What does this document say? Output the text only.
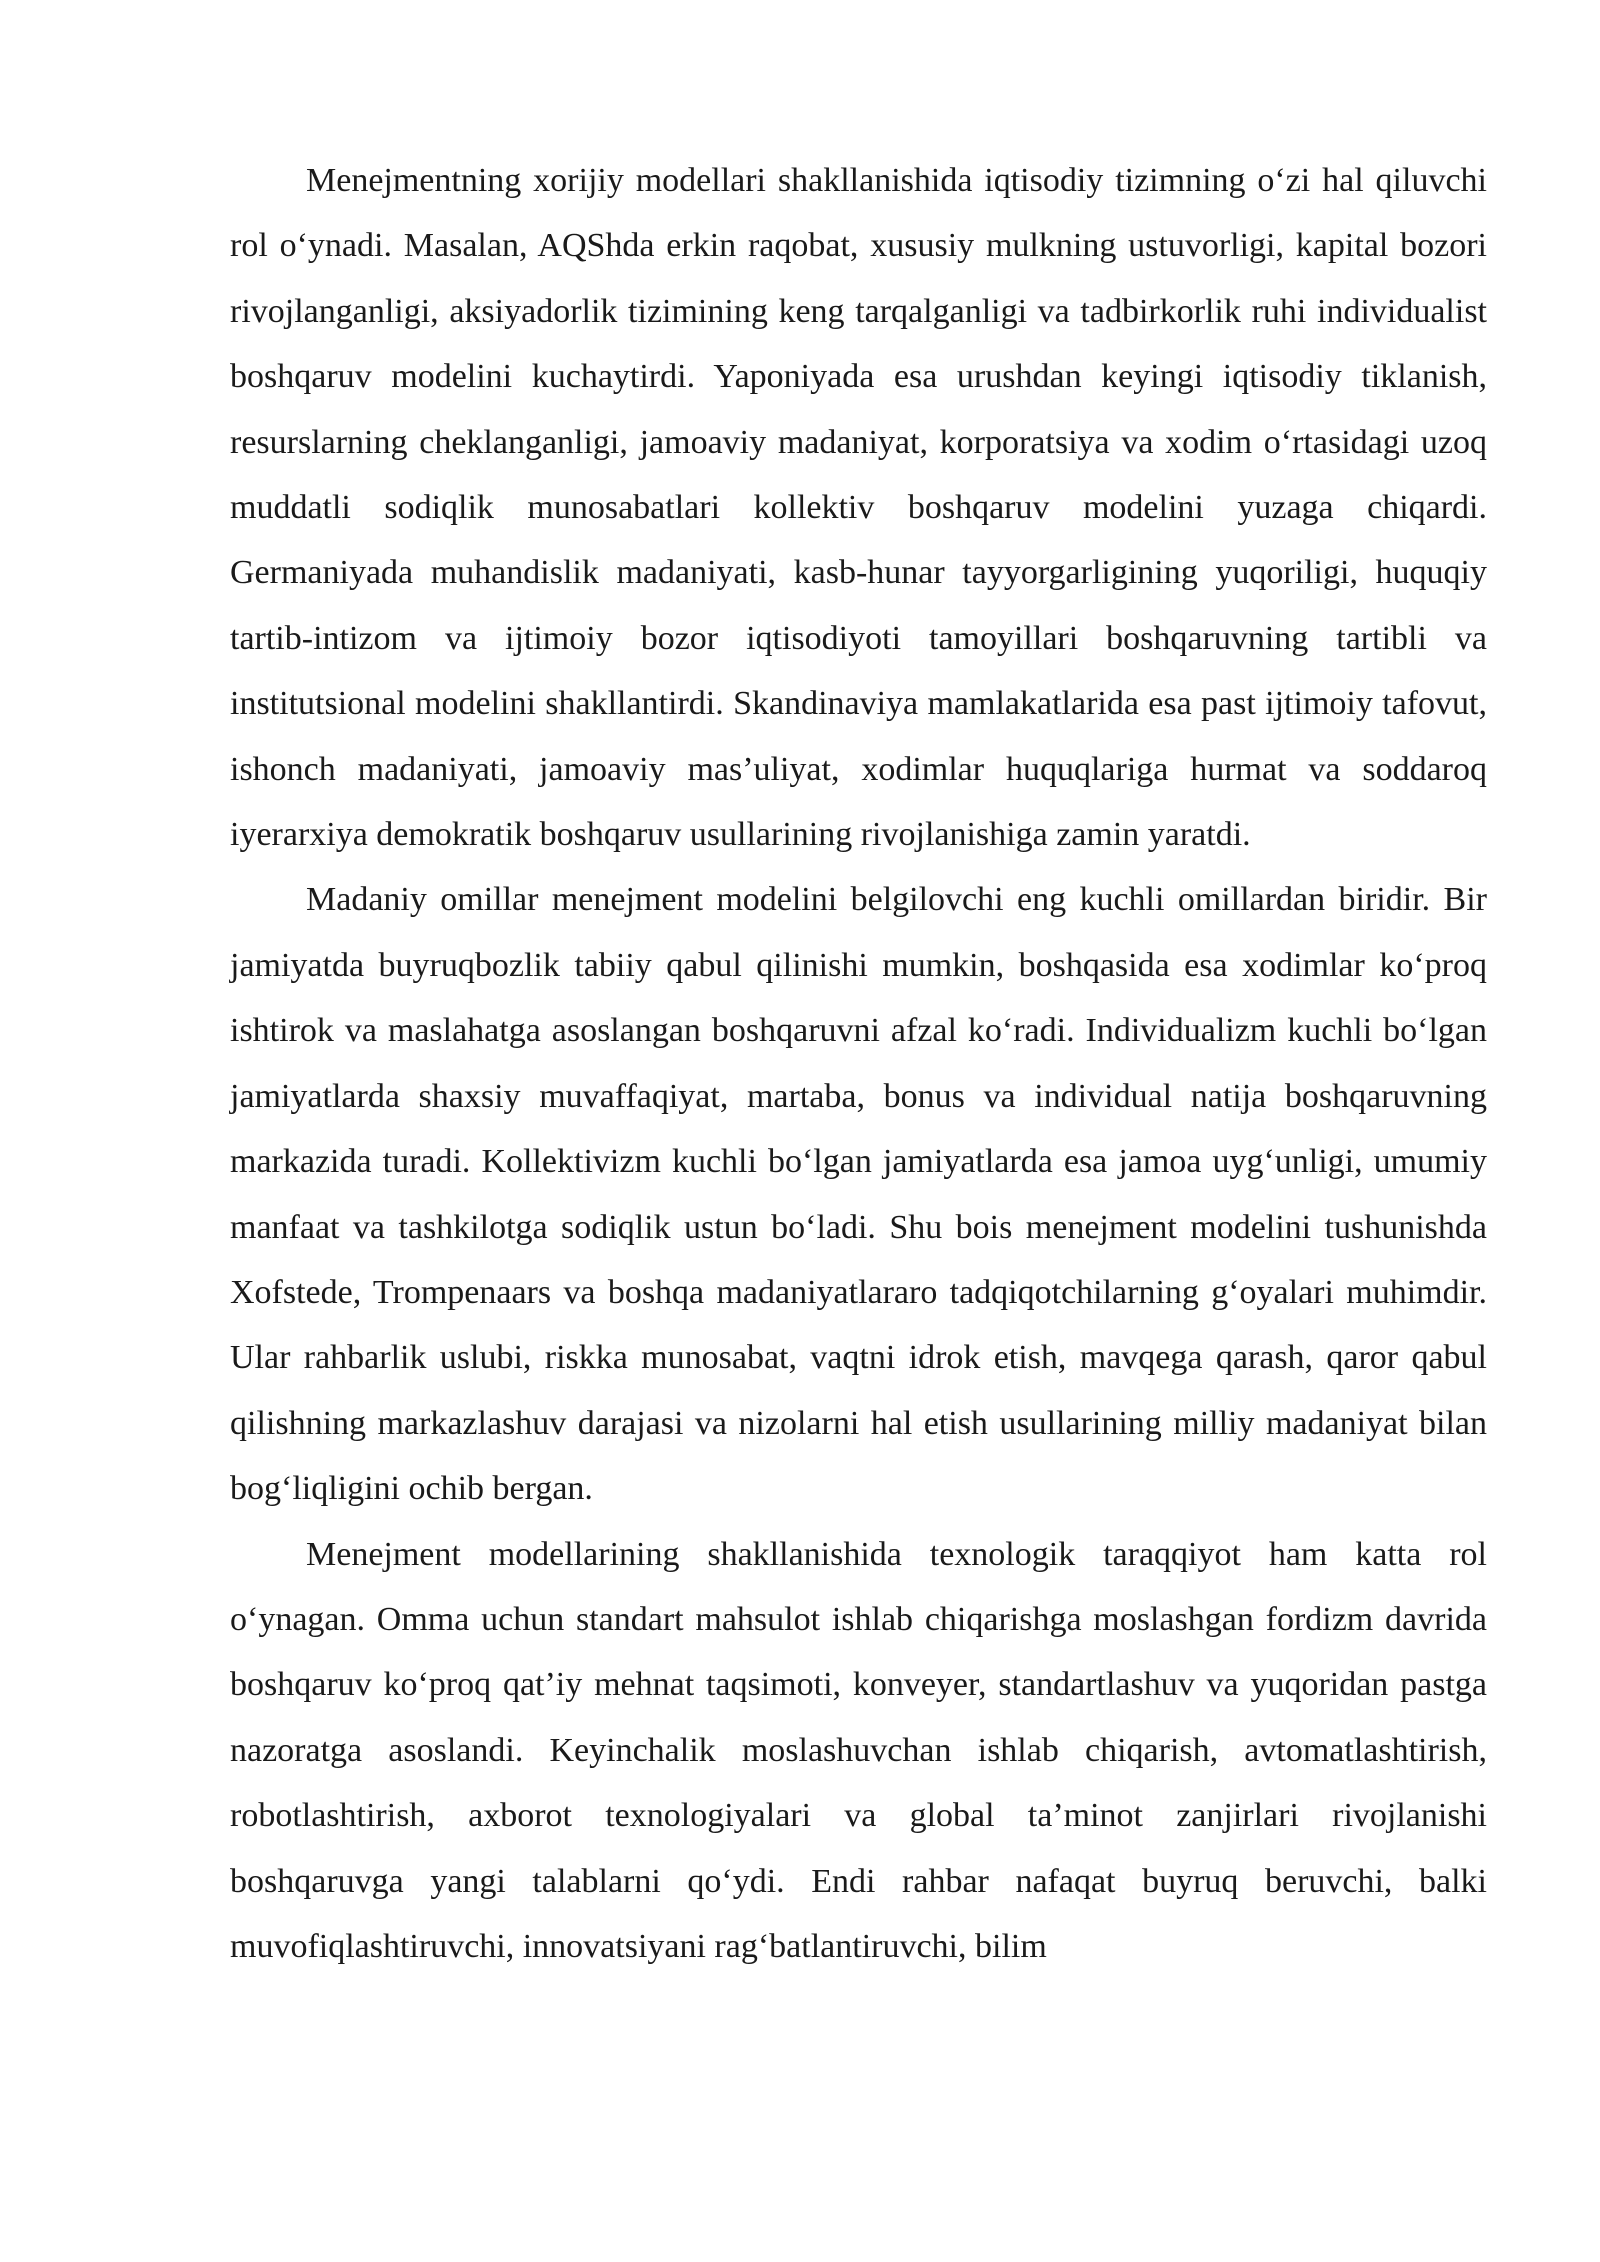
Menejmentning xorijiy modellari shakllanishida iqtisodiy tizimning o‘zi hal qiluvchi rol o‘ynadi. Masalan, AQShda erkin raqobat, xususiy mulkning ustuvorligi, kapital bozori rivojlanganligi, aksiyadorlik tizimining keng tarqalganligi va tadbirkorlik ruhi individualist boshqaruv modelini kuchaytirdi. Yaponiyada esa urushdan keyingi iqtisodiy tiklanish, resurslarning cheklanganligi, jamoaviy madaniyat, korporatsiya va xodim o‘rtasidagi uzoq muddatli sodiqlik munosabatlari kollektiv boshqaruv modelini yuzaga chiqardi. Germaniyada muhandislik madaniyati, kasb-hunar tayyorgarligining yuqoriligi, huquqiy tartib-intizom va ijtimoiy bozor iqtisodiyoti tamoyillari boshqaruvning tartibli va institutsional modelini shakllantirdi. Skandinaviya mamlakatlarida esa past ijtimoiy tafovut, ishonch madaniyati, jamoaviy mas’uliyat, xodimlar huquqlariga hurmat va soddaroq iyerarxiya demokratik boshqaruv usullarining rivojlanishiga zamin yaratdi.

Madaniy omillar menejment modelini belgilovchi eng kuchli omillardan biridir. Bir jamiyatda buyruqbozlik tabiiy qabul qilinishi mumkin, boshqasida esa xodimlar ko‘proq ishtirok va maslahatga asoslangan boshqaruvni afzal ko‘radi. Individualizm kuchli bo‘lgan jamiyatlarda shaxsiy muvaffaqiyat, martaba, bonus va individual natija boshqaruvning markazida turadi. Kollektivizm kuchli bo‘lgan jamiyatlarda esa jamoa uyg‘unligi, umumiy manfaat va tashkilotga sodiqlik ustun bo‘ladi. Shu bois menejment modelini tushunishda Xofstede, Trompenaars va boshqa madaniyatlararo tadqiqotchilarning g‘oyalari muhimdir. Ular rahbarlik uslubi, riskka munosabat, vaqtni idrok etish, mavqega qarash, qaror qabul qilishning markazlashuv darajasi va nizolarni hal etish usullarining milliy madaniyat bilan bog‘liqligini ochib bergan.

Menejment modellarining shakllanishida texnologik taraqqiyot ham katta rol o‘ynagan. Omma uchun standart mahsulot ishlab chiqarishga moslashgan fordizm davrida boshqaruv ko‘proq qat’iy mehnat taqsimoti, konveyer, standartlashuv va yuqoridan pastga nazoratga asoslandi. Keyinchalik moslashuvchan ishlab chiqarish, avtomatlashtirish, robotlashtirish, axborot texnologiyalari va global ta’minot zanjirlari rivojlanishi boshqaruvga yangi talablarni qo‘ydi. Endi rahbar nafaqat buyruq beruvchi, balki muvofiqlashtiruvchi, innovatsiyani rag‘batlantiruvchi, bilim
